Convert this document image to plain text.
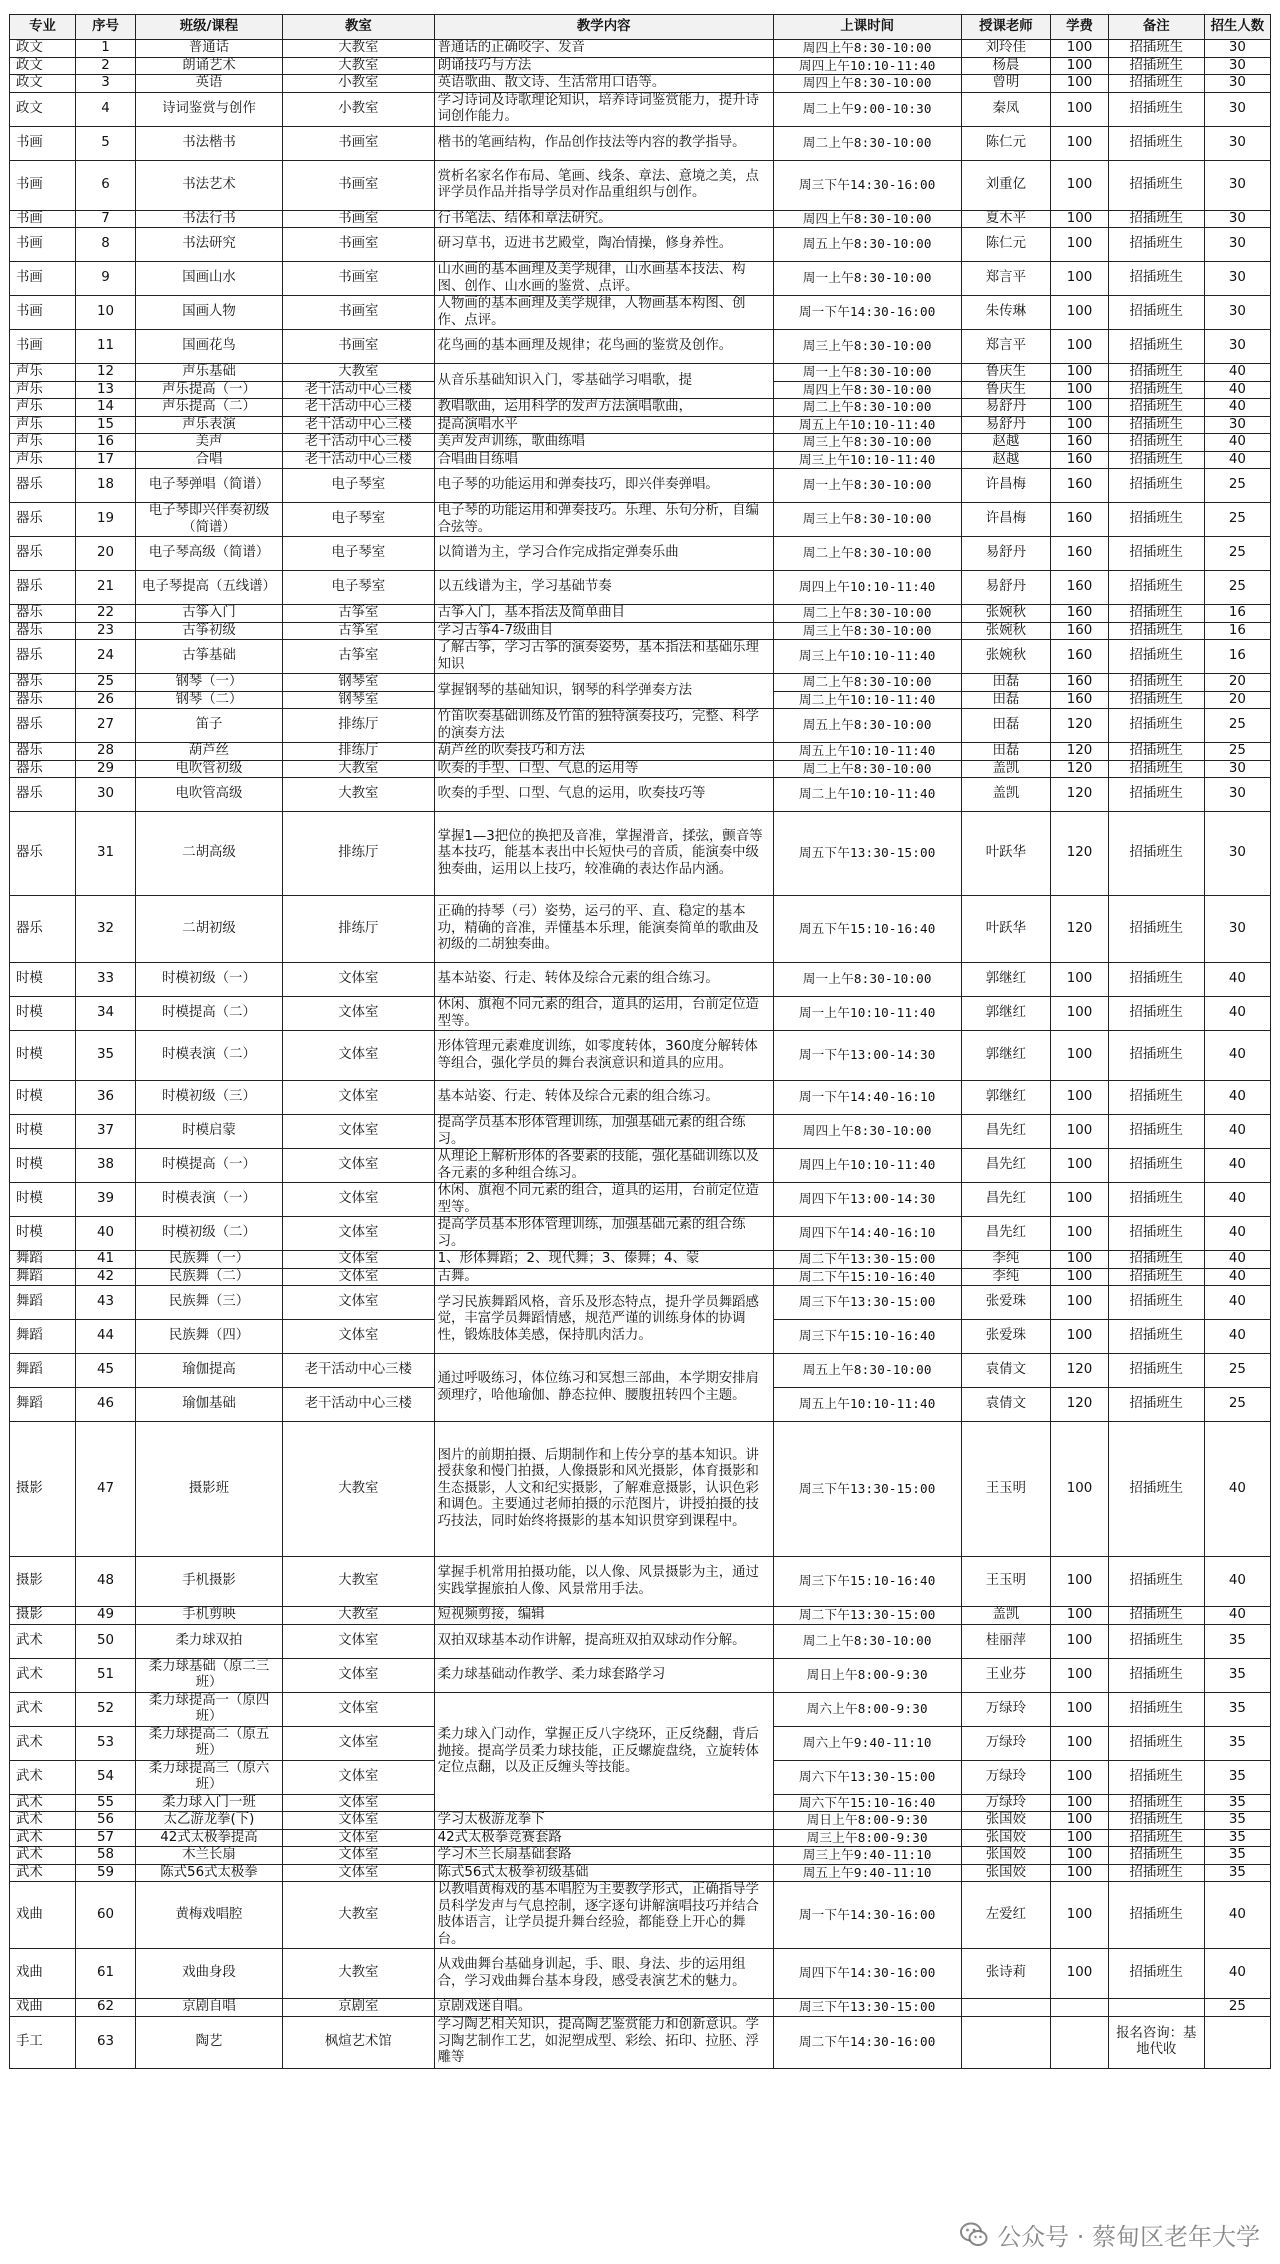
专业	序号	班级/课程	教室	教学内容	上课时间	授课老师	学费	备注	招生人数
政文	1	普通话	大教室	普通话的正确咬字、发音	周四上午8:30-10:00	刘玲佳	100	招插班生	30
政文	2	朗诵艺术	大教室	朗诵技巧与方法	周四上午10:10-11:40	杨晨	100	招插班生	30
政文	3	英语	小教室	英语歌曲、散文诗、生活常用口语等。	周四上午8:30-10:00	曾明	100	招插班生	30
政文	4	诗词鉴赏与创作	小教室	学习诗词及诗歌理论知识，培养诗词鉴赏能力，提升诗词创作能力。	周二上午9:00-10:30	秦凤	100	招插班生	30
书画	5	书法楷书	书画室	楷书的笔画结构，作品创作技法等内容的教学指导。	周二上午8:30-10:00	陈仁元	100	招插班生	30
书画	6	书法艺术	书画室	赏析名家名作布局、笔画、线条、章法、意境之美，点评学员作品并指导学员对作品重组织与创作。	周三下午14:30-16:00	刘重亿	100	招插班生	30
书画	7	书法行书	书画室	行书笔法、结体和章法研究。	周四上午8:30-10:00	夏木平	100	招插班生	30
书画	8	书法研究	书画室	研习草书，迈进书艺殿堂，陶冶情操，修身养性。	周五上午8:30-10:00	陈仁元	100	招插班生	30
书画	9	国画山水	书画室	山水画的基本画理及美学规律，山水画基本技法、构图、创作、山水画的鉴赏、点评。	周一上午8:30-10:00	郑言平	100	招插班生	30
书画	10	国画人物	书画室	人物画的基本画理及美学规律，人物画基本构图、创作、点评。	周一下午14:30-16:00	朱传琳	100	招插班生	30
书画	11	国画花鸟	书画室	花鸟画的基本画理及规律；花鸟画的鉴赏及创作。	周三上午8:30-10:00	郑言平	100	招插班生	30
声乐	12	声乐基础	大教室	从音乐基础知识入门，零基础学习唱歌，提	周一上午8:30-10:00	鲁庆生	100	招插班生	40
声乐	13	声乐提高（一）	老干活动中心三楼		周四上午8:30-10:00	鲁庆生	100	招插班生	40
声乐	14	声乐提高（二）	老干活动中心三楼	教唱歌曲，运用科学的发声方法演唱歌曲，	周二上午8:30-10:00	易舒丹	100	招插班生	40
声乐	15	声乐表演	老干活动中心三楼	提高演唱水平	周五上午10:10-11:40	易舒丹	100	招插班生	30
声乐	16	美声	老干活动中心三楼	美声发声训练，歌曲练唱	周三上午8:30-10:00	赵越	160	招插班生	40
声乐	17	合唱	老干活动中心三楼	合唱曲目练唱	周三上午10:10-11:40	赵越	160	招插班生	40
器乐	18	电子琴弹唱（简谱）	电子琴室	电子琴的功能运用和弹奏技巧，即兴伴奏弹唱。	周一上午8:30-10:00	许昌梅	160	招插班生	25
器乐	19	电子琴即兴伴奏初级（简谱）	电子琴室	电子琴的功能运用和弹奏技巧。乐理、乐句分析，自编合弦等。	周三上午8:30-10:00	许昌梅	160	招插班生	25
器乐	20	电子琴高级（简谱）	电子琴室	以简谱为主，学习合作完成指定弹奏乐曲	周二上午8:30-10:00	易舒丹	160	招插班生	25
器乐	21	电子琴提高（五线谱）	电子琴室	以五线谱为主，学习基础节奏	周四上午10:10-11:40	易舒丹	160	招插班生	25
器乐	22	古筝入门	古筝室	古筝入门，基本指法及简单曲目	周二上午8:30-10:00	张婉秋	160	招插班生	16
器乐	23	古筝初级	古筝室	学习古筝4-7级曲目	周三上午8:30-10:00	张婉秋	160	招插班生	16
器乐	24	古筝基础	古筝室	了解古筝，学习古筝的演奏姿势，基本指法和基础乐理知识	周三上午10:10-11:40	张婉秋	160	招插班生	16
器乐	25	钢琴（一）	钢琴室	掌握钢琴的基础知识，钢琴的科学弹奏方法	周二上午8:30-10:00	田磊	160	招插班生	20
器乐	26	钢琴（二）	钢琴室		周二上午10:10-11:40	田磊	160	招插班生	20
器乐	27	笛子	排练厅	竹笛吹奏基础训练及竹笛的独特演奏技巧，完整、科学的演奏方法	周五上午8:30-10:00	田磊	120	招插班生	25
器乐	28	葫芦丝	排练厅	葫芦丝的吹奏技巧和方法	周五上午10:10-11:40	田磊	120	招插班生	25
器乐	29	电吹管初级	大教室	吹奏的手型、口型、气息的运用等	周二上午8:30-10:00	盖凯	120	招插班生	30
器乐	30	电吹管高级	大教室	吹奏的手型、口型、气息的运用，吹奏技巧等	周二上午10:10-11:40	盖凯	120	招插班生	30
器乐	31	二胡高级	排练厅	掌握1—3把位的换把及音准，掌握滑音，揉弦，颤音等基本技巧，能基本表出中长短快弓的音质，能演奏中级独奏曲，运用以上技巧，较准确的表达作品内涵。	周五下午13:30-15:00	叶跃华	120	招插班生	30
器乐	32	二胡初级	排练厅	正确的持琴（弓）姿势，运弓的平、直、稳定的基本功，精确的音准，弄懂基本乐理，能演奏简单的歌曲及初级的二胡独奏曲。	周五下午15:10-16:40	叶跃华	120	招插班生	30
时模	33	时模初级（一）	文体室	基本站姿、行走、转体及综合元素的组合练习。	周一上午8:30-10:00	郭继红	100	招插班生	40
时模	34	时模提高（二）	文体室	休闲、旗袍不同元素的组合，道具的运用，台前定位造型等。	周一上午10:10-11:40	郭继红	100	招插班生	40
时模	35	时模表演（二）	文体室	形体管理元素难度训练，如零度转体，360度分解转体等组合，强化学员的舞台表演意识和道具的应用。	周一下午13:00-14:30	郭继红	100	招插班生	40
时模	36	时模初级（三）	文体室	基本站姿、行走、转体及综合元素的组合练习。	周一下午14:40-16:10	郭继红	100	招插班生	40
时模	37	时模启蒙	文体室	提高学员基本形体管理训练，加强基础元素的组合练习。	周四上午8:30-10:00	昌先红	100	招插班生	40
时模	38	时模提高（一）	文体室	从理论上解析形体的各要素的技能，强化基础训练以及各元素的多种组合练习。	周四上午10:10-11:40	昌先红	100	招插班生	40
时模	39	时模表演（一）	文体室	休闲、旗袍不同元素的组合，道具的运用，台前定位造型等。	周四下午13:00-14:30	昌先红	100	招插班生	40
时模	40	时模初级（二）	文体室	提高学员基本形体管理训练，加强基础元素的组合练习。	周四下午14:40-16:10	昌先红	100	招插班生	40
舞蹈	41	民族舞（一）	文体室	1、形体舞蹈；2、现代舞；3、傣舞；4、蒙	周二下午13:30-15:00	李纯	100	招插班生	40
舞蹈	42	民族舞（二）	文体室	古舞。	周二下午15:10-16:40	李纯	100	招插班生	40
舞蹈	43	民族舞（三）	文体室	学习民族舞蹈风格，音乐及形态特点，提升学员舞蹈感觉，丰富学员舞蹈情感，规范严谨的训练身体的协调性，锻炼肢体美感，保持肌肉活力。	周三下午13:30-15:00	张爱珠	100	招插班生	40
舞蹈	44	民族舞（四）	文体室		周三下午15:10-16:40	张爱珠	100	招插班生	40
舞蹈	45	瑜伽提高	老干活动中心三楼	通过呼吸练习，体位练习和冥想三部曲，本学期安排肩颈理疗，哈他瑜伽、静态拉伸、腰腹扭转四个主题。	周五上午8:30-10:00	袁倩文	120	招插班生	25
舞蹈	46	瑜伽基础	老干活动中心三楼		周五上午10:10-11:40	袁倩文	120	招插班生	25
摄影	47	摄影班	大教室	图片的前期拍摄、后期制作和上传分享的基本知识。讲授获象和慢门拍摄，人像摄影和风光摄影，体育摄影和生态摄影，人文和纪实摄影，了解难意摄影，认识色彩和调色。主要通过老师拍摄的示范图片，讲授拍摄的技巧技法，同时始终将摄影的基本知识贯穿到课程中。	周三下午13:30-15:00	王玉明	100	招插班生	40
摄影	48	手机摄影	大教室	掌握手机常用拍摄功能，以人像、风景摄影为主，通过实践掌握旅拍人像、风景常用手法。	周三下午15:10-16:40	王玉明	100	招插班生	40
摄影	49	手机剪映	大教室	短视频剪接，编辑	周二下午13:30-15:00	盖凯	100	招插班生	40
武术	50	柔力球双拍	文体室	双拍双球基本动作讲解，提高班双拍双球动作分解。	周二上午8:30-10:00	桂丽萍	100	招插班生	35
武术	51	柔力球基础（原二三班）	文体室	柔力球基础动作教学、柔力球套路学习	周日上午8:00-9:30	王业芬	100	招插班生	35
武术	52	柔力球提高一（原四班）	文体室	柔力球入门动作，掌握正反八字绕环，正反绕翻，背后抛接。提高学员柔力球技能，正反螺旋盘绕，立旋转体定位点翻，以及正反缠头等技能。	周六上午8:00-9:30	万绿玲	100	招插班生	35
武术	53	柔力球提高二（原五班）	文体室		周六上午9:40-11:10	万绿玲	100	招插班生	35
武术	54	柔力球提高三（原六班）	文体室		周六下午13:30-15:00	万绿玲	100	招插班生	35
武术	55	柔力球入门一班	文体室		周六下午15:10-16:40	万绿玲	100	招插班生	35
武术	56	太乙游龙拳(下)	文体室	学习太极游龙拳下	周日上午8:00-9:30	张国姣	100	招插班生	35
武术	57	42式太极拳提高	文体室	42式太极拳竞赛套路	周三上午8:00-9:30	张国姣	100	招插班生	35
武术	58	木兰长扇	文体室	学习木兰长扇基础套路	周三上午9:40-11:10	张国姣	100	招插班生	35
武术	59	陈式56式太极拳	文体室	陈式56式太极拳初级基础	周五上午9:40-11:10	张国姣	100	招插班生	35
戏曲	60	黄梅戏唱腔	大教室	以教唱黄梅戏的基本唱腔为主要教学形式，正确指导学员科学发声与气息控制，逐字逐句讲解演唱技巧并结合肢体语言，让学员提升舞台经验，都能登上开心的舞台。	周一下午14:30-16:00	左爱红	100	招插班生	40
戏曲	61	戏曲身段	大教室	从戏曲舞台基础身训起，手、眼、身法、步的运用组合，学习戏曲舞台基本身段，感受表演艺术的魅力。	周四下午14:30-16:00	张诗莉	100	招插班生	40
戏曲	62	京剧自唱	京剧室	京剧戏迷自唱。	周三下午13:30-15:00				25
手工	63	陶艺	枫煊艺术馆	学习陶艺相关知识，提高陶艺鉴赏能力和创新意识。学习陶艺制作工艺，如泥塑成型、彩绘、拓印、拉胚、浮雕等	周二下午14:30-16:00			报名咨询：基地代收	
公众号 · 蔡甸区老年大学
